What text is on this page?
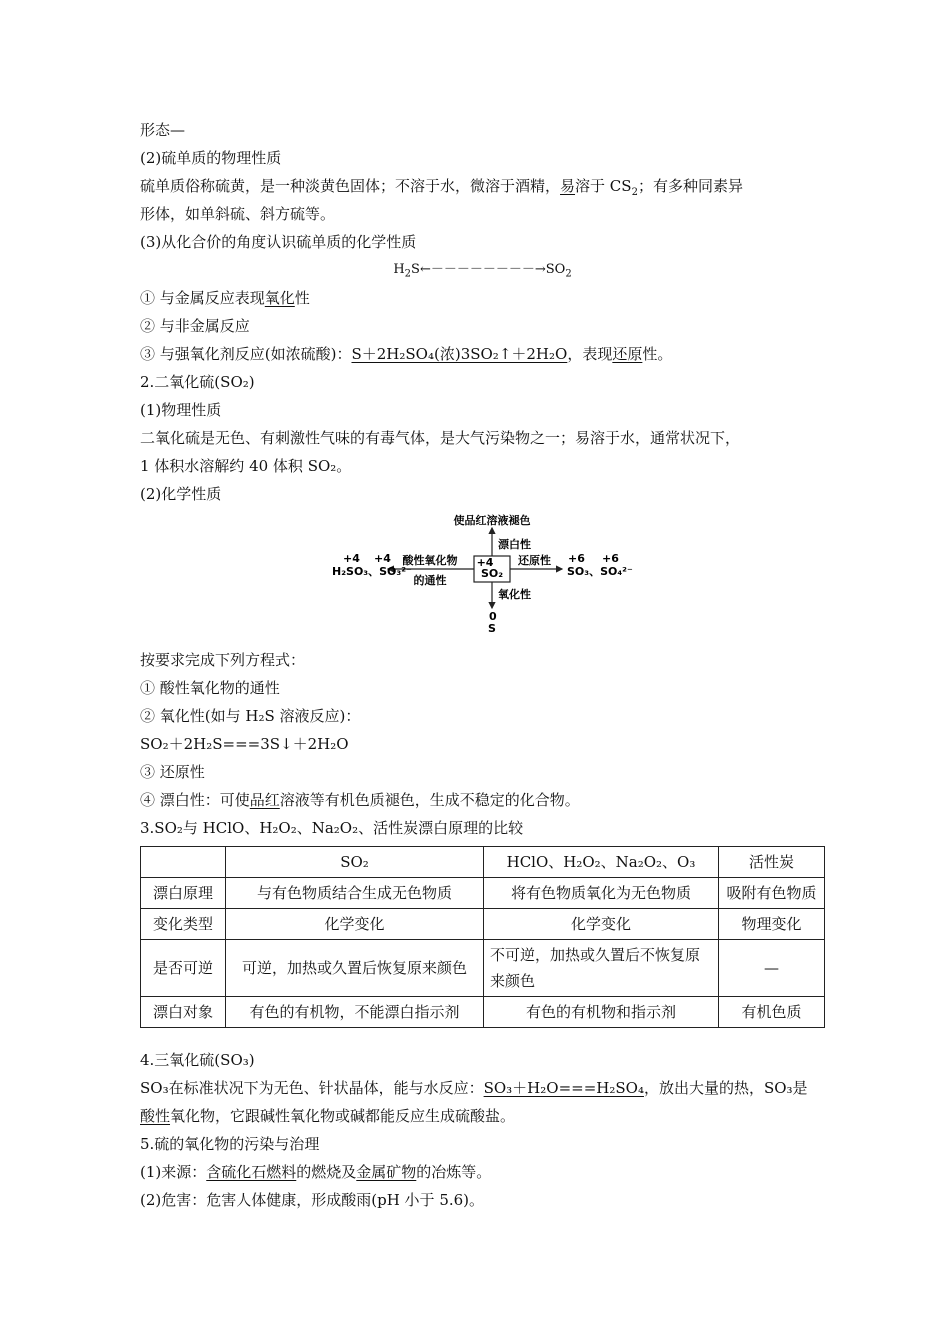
形态—
(2)硫单质的物理性质
硫单质俗称硫黄，是一种淡黄色固体；不溶于水，微溶于酒精，易溶于 $CS_2$；有多种同素异
形体，如单斜硫、斜方硫等。
(3)从化合价的角度认识硫单质的化学性质
$H_2S\leftarrow--------\to SO_2$
① 与金属反应表现氧化性
② 与非金属反应
③ 与强氧化剂反应(如浓硫酸)：S＋2H₂SO₄(浓)3SO₂↑＋2H₂O，表现还原性。
2.二氧化硫(SO₂)
(1)物理性质
二氧化硫是无色、有刺激性气味的有毒气体，是大气污染物之一；易溶于水，通常状况下，
1 体积水溶解约 40 体积 SO₂。
(2)化学性质
SO₂
+4
使品红溶液褪色
漂白性
酸性氧化物
的通性
H₂SO₃、SO₃²⁻
+4 +4	还原性
SO₃、SO₄²⁻
+6 +6
氧化性
0
S
按要求完成下列方程式：
① 酸性氧化物的通性
② 氧化性(如与 H₂S 溶液反应)：
SO₂＋2H₂S===3S↓＋2H₂O
③ 还原性
④ 漂白性：可使品红溶液等有机色质褪色，生成不稳定的化合物。
3.SO₂与 HClO、H₂O₂、Na₂O₂、活性炭漂白原理的比较
	SO₂	HClO、H₂O₂、Na₂O₂、O₃	活性炭
漂白原理	与有色物质结合生成无色物质	将有色物质氧化为无色物质	吸附有色物质
变化类型	化学变化	化学变化	物理变化
是否可逆	可逆，加热或久置后恢复原来颜色	不可逆，加热或久置后不恢复原来颜色	—
漂白对象	有色的有机物，不能漂白指示剂	有色的有机物和指示剂	有机色质
4.三氧化硫(SO₃)
SO₃在标准状况下为无色、针状晶体，能与水反应：SO₃＋H₂O===H₂SO₄，放出大量的热，SO₃是
酸性氧化物，它跟碱性氧化物或碱都能反应生成硫酸盐。
5.硫的氧化物的污染与治理
(1)来源：含硫化石燃料的燃烧及金属矿物的冶炼等。
(2)危害：危害人体健康，形成酸雨(pH 小于 5.6)。
